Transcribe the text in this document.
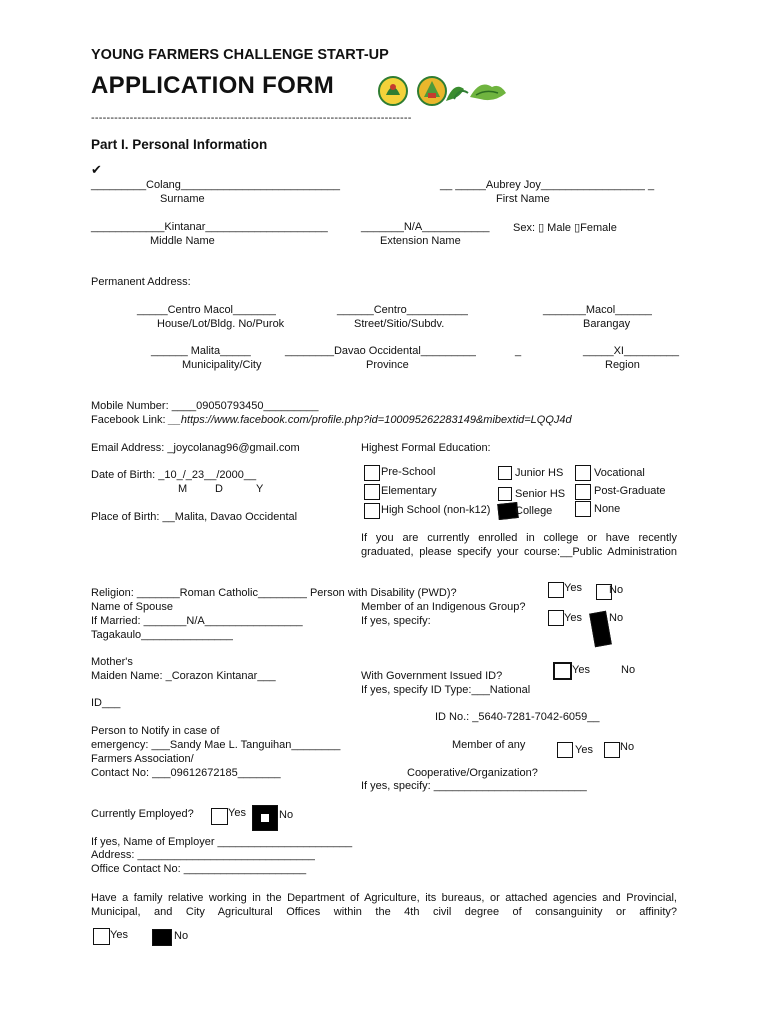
YOUNG FARMERS CHALLENGE START-UP
APPLICATION FORM
-----------------------------------------------------------------------------------
Part I. Personal Information
✔
_________Colang__________________________
Surname
__ _____Aubrey Joy_________________ _
First Name
____________Kintanar____________________
Middle Name
_______N/A___________
Extension Name
Sex: ▯ Male ▯Female
Permanent Address:
_____Centro Macol_______
House/Lot/Bldg. No/Purok
______Centro__________
Street/Sitio/Subdv.
_______Macol______
Barangay
______ Malita_____
Municipality/City
________Davao Occidental_________
Province
_	_____XI_________
Region
Mobile Number: ____09050793450_________
Facebook Link: __https://www.facebook.com/profile.php?id=100095262283149&mibextid=LQQJ4d
Email Address: _joycolanag96@gmail.com
Date of Birth: _10_/_23__/2000__
M	D	Y
Place of Birth: __Malita, Davao Occidental
Highest Formal Education:
Pre-School
Elementary
High School (non-k12)
Junior HS
Senior HS
College
Vocational
Post-Graduate
None
If you are currently enrolled in college or have recently graduated, please specify your course:__Public Administration
Religion: _______Roman Catholic________ Person with Disability (PWD)?	Yes No
Name of Spouse	Member of an Indigenous Group?
If Married: _______N/A________________	If yes, specify:	Yes No
Tagakaulo_______________
Mother's
Maiden Name: _Corazon Kintanar___	With Government Issued ID?	Yes	No
If yes, specify ID Type:___National
ID___
ID No.: _5640-7281-7042-6059__
Person to Notify in case of
emergency: ___Sandy Mae L. Tanguihan________	Member of any	Yes No
Farmers Association/
Contact No: ___09612672185_______	Cooperative/Organization?
If yes, specify: _________________________
Currently Employed?	Yes	No
If yes, Name of Employer ______________________
Address: _____________________________
Office Contact No: ____________________
Have a family relative working in the Department of Agriculture, its bureaus, or attached agencies and Provincial, Municipal, and City Agricultural Offices within the 4th civil degree of consanguinity or affinity?
Yes	No
